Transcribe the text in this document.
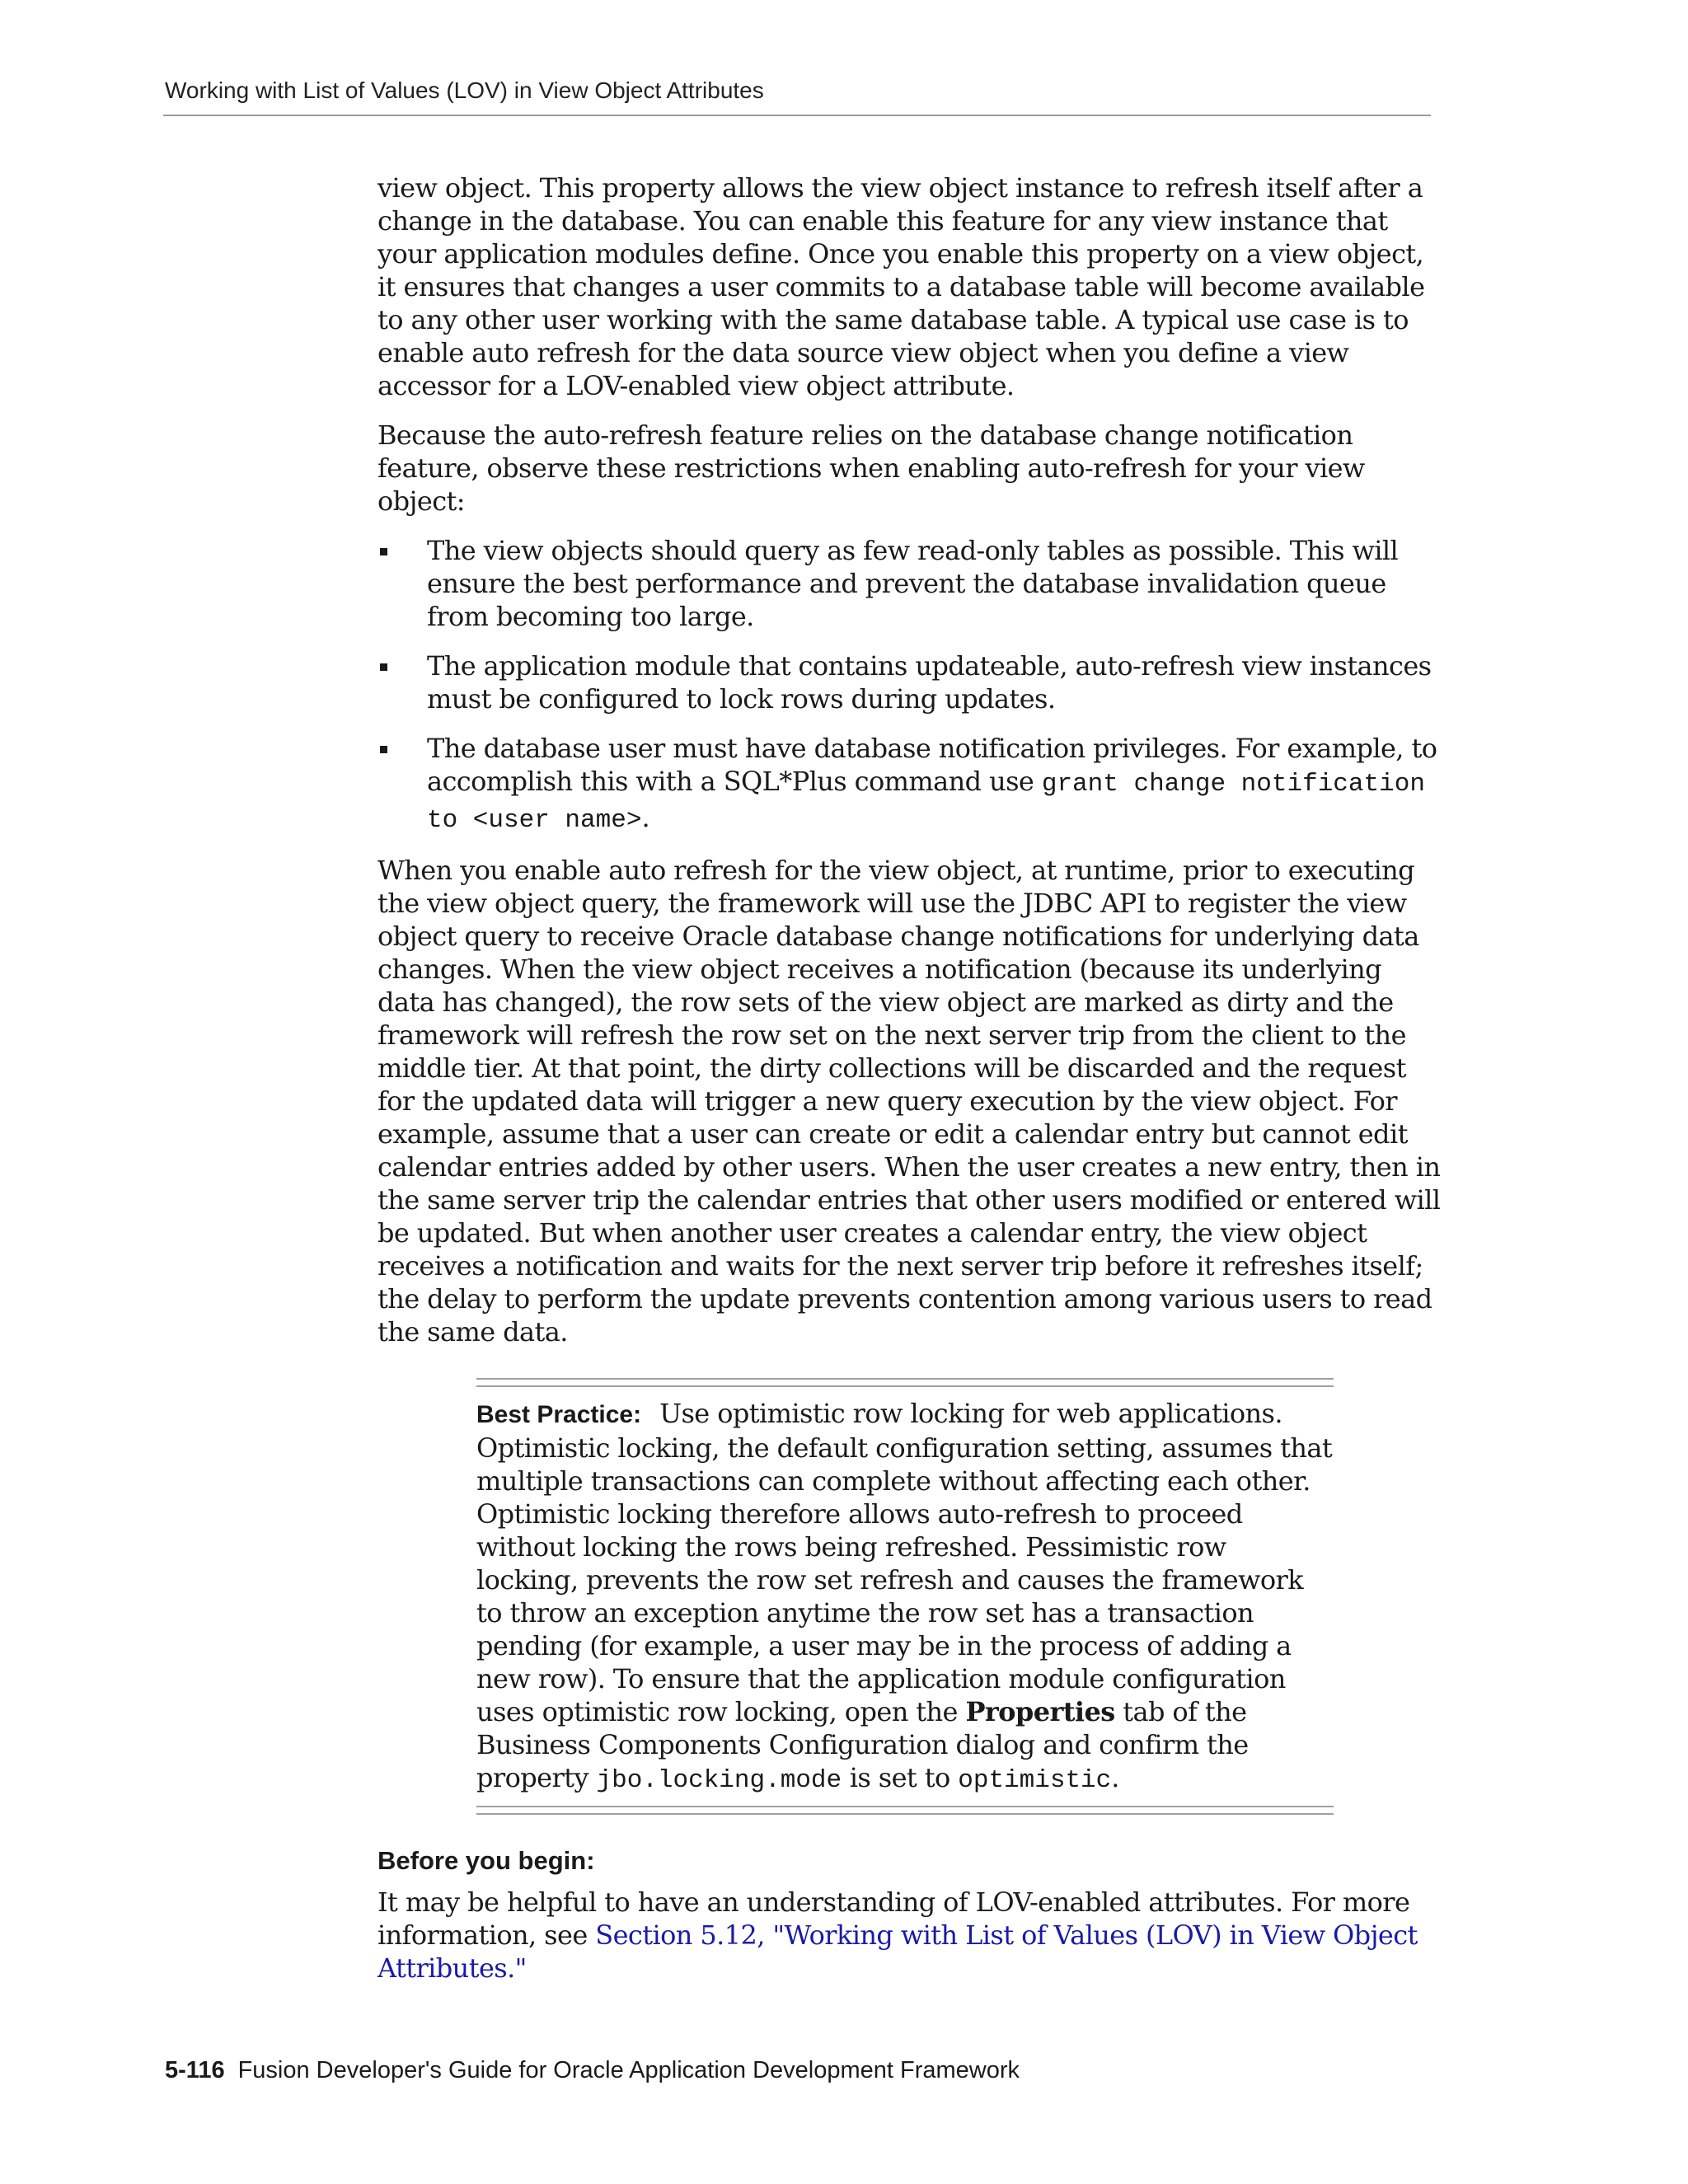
Working with List of Values (LOV) in View Object Attributes

view object. This property allows the view object instance to refresh itself after a change in the database. You can enable this feature for any view instance that your application modules define. Once you enable this property on a view object, it ensures that changes a user commits to a database table will become available to any other user working with the same database table. A typical use case is to enable auto refresh for the data source view object when you define a view accessor for a LOV-enabled view object attribute.

Because the auto-refresh feature relies on the database change notification feature, observe these restrictions when enabling auto-refresh for your view object:

The view objects should query as few read-only tables as possible. This will ensure the best performance and prevent the database invalidation queue from becoming too large.
The application module that contains updateable, auto-refresh view instances must be configured to lock rows during updates.
The database user must have database notification privileges. For example, to accomplish this with a SQL*Plus command use grant change notification to <user name>.

When you enable auto refresh for the view object, at runtime, prior to executing the view object query, the framework will use the JDBC API to register the view object query to receive Oracle database change notifications for underlying data changes. When the view object receives a notification (because its underlying data has changed), the row sets of the view object are marked as dirty and the framework will refresh the row set on the next server trip from the client to the middle tier. At that point, the dirty collections will be discarded and the request for the updated data will trigger a new query execution by the view object. For example, assume that a user can create or edit a calendar entry but cannot edit calendar entries added by other users. When the user creates a new entry, then in the same server trip the calendar entries that other users modified or entered will be updated. But when another user creates a calendar entry, the view object receives a notification and waits for the next server trip before it refreshes itself; the delay to perform the update prevents contention among various users to read the same data.

Best Practice: Use optimistic row locking for web applications. Optimistic locking, the default configuration setting, assumes that multiple transactions can complete without affecting each other. Optimistic locking therefore allows auto-refresh to proceed without locking the rows being refreshed. Pessimistic row locking, prevents the row set refresh and causes the framework to throw an exception anytime the row set has a transaction pending (for example, a user may be in the process of adding a new row). To ensure that the application module configuration uses optimistic row locking, open the Properties tab of the Business Components Configuration dialog and confirm the property jbo.locking.mode is set to optimistic.
Before you begin:

It may be helpful to have an understanding of LOV-enabled attributes. For more information, see Section 5.12, "Working with List of Values (LOV) in View Object Attributes."

5-116 Fusion Developer's Guide for Oracle Application Development Framework
